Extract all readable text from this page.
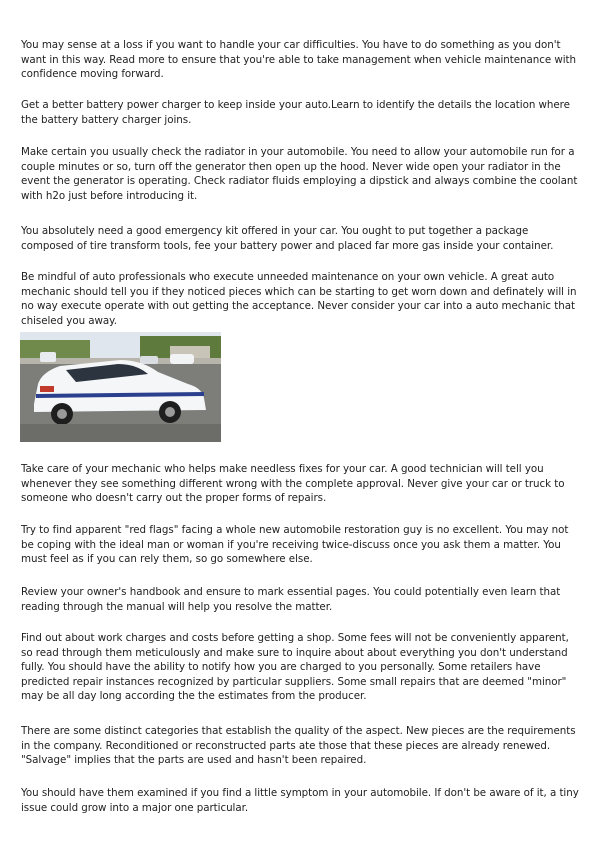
You may sense at a loss if you want to handle your car difficulties. You have to do something as you don't want in this way. Read more to ensure that you're able to take management when vehicle maintenance with confidence moving forward.

Get a better battery power charger to keep inside your auto.Learn to identify the details the location where the battery battery charger joins.

Make certain you usually check the radiator in your automobile. You need to allow your automobile run for a couple minutes or so, turn off the generator then open up the hood. Never wide open your radiator in the event the generator is operating. Check radiator fluids employing a dipstick and always combine the coolant with h2o just before introducing it.

You absolutely need a good emergency kit offered in your car. You ought to put together a package composed of tire transform tools, fee your battery power and placed far more gas inside your container.

Be mindful of auto professionals who execute unneeded maintenance on your own vehicle. A great auto mechanic should tell you if they noticed pieces which can be starting to get worn down and definately will in no way execute operate with out getting the acceptance. Never consider your car into a auto mechanic that chiseled you away.

Take care of your mechanic who helps make needless fixes for your car. A good technician will tell you whenever they see something different wrong with the complete approval. Never give your car or truck to someone who doesn't carry out the proper forms of repairs.

Try to find apparent "red flags" facing a whole new automobile restoration guy is no excellent. You may not be coping with the ideal man or woman if you're receiving twice-discuss once you ask them a matter. You must feel as if you can rely them, so go somewhere else.

Review your owner's handbook and ensure to mark essential pages. You could potentially even learn that reading through the manual will help you resolve the matter.

Find out about work charges and costs before getting a shop. Some fees will not be conveniently apparent, so read through them meticulously and make sure to inquire about about everything you don't understand fully. You should have the ability to notify how you are charged to you personally. Some retailers have predicted repair instances recognized by particular suppliers. Some small repairs that are deemed "minor" may be all day long according the the estimates from the producer.

There are some distinct categories that establish the quality of the aspect. New pieces are the requirements in the company. Reconditioned or reconstructed parts ate those that these pieces are already renewed. "Salvage" implies that the parts are used and hasn't been repaired.

You should have them examined if you find a little symptom in your automobile. If don't be aware of it, a tiny issue could grow into a major one particular.
